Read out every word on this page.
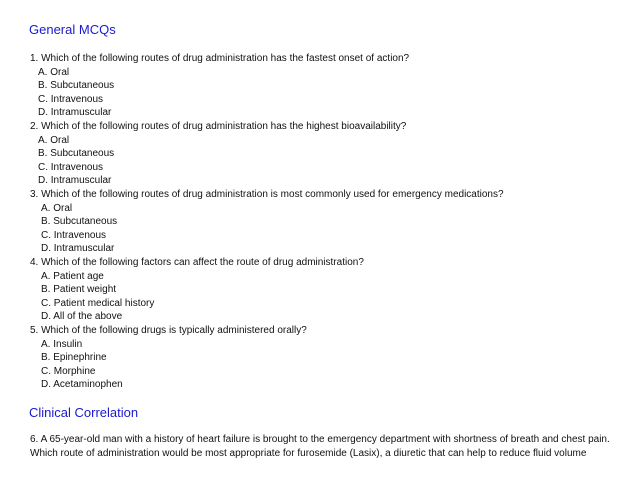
General MCQs
1. Which of the following routes of drug administration has the fastest onset of action?
A. Oral
B. Subcutaneous
C. Intravenous
D. Intramuscular
2. Which of the following routes of drug administration has the highest bioavailability?
A. Oral
B. Subcutaneous
C. Intravenous
D. Intramuscular
3. Which of the following routes of drug administration is most commonly used for emergency medications?
A. Oral
B. Subcutaneous
C. Intravenous
D. Intramuscular
4. Which of the following factors can affect the route of drug administration?
A. Patient age
B. Patient weight
C. Patient medical history
D. All of the above
5. Which of the following drugs is typically administered orally?
A. Insulin
B. Epinephrine
C. Morphine
D. Acetaminophen
Clinical Correlation
6. A 65-year-old man with a history of heart failure is brought to the emergency department with shortness of breath and chest pain.
Which route of administration would be most appropriate for furosemide (Lasix), a diuretic that can help to reduce fluid volume
